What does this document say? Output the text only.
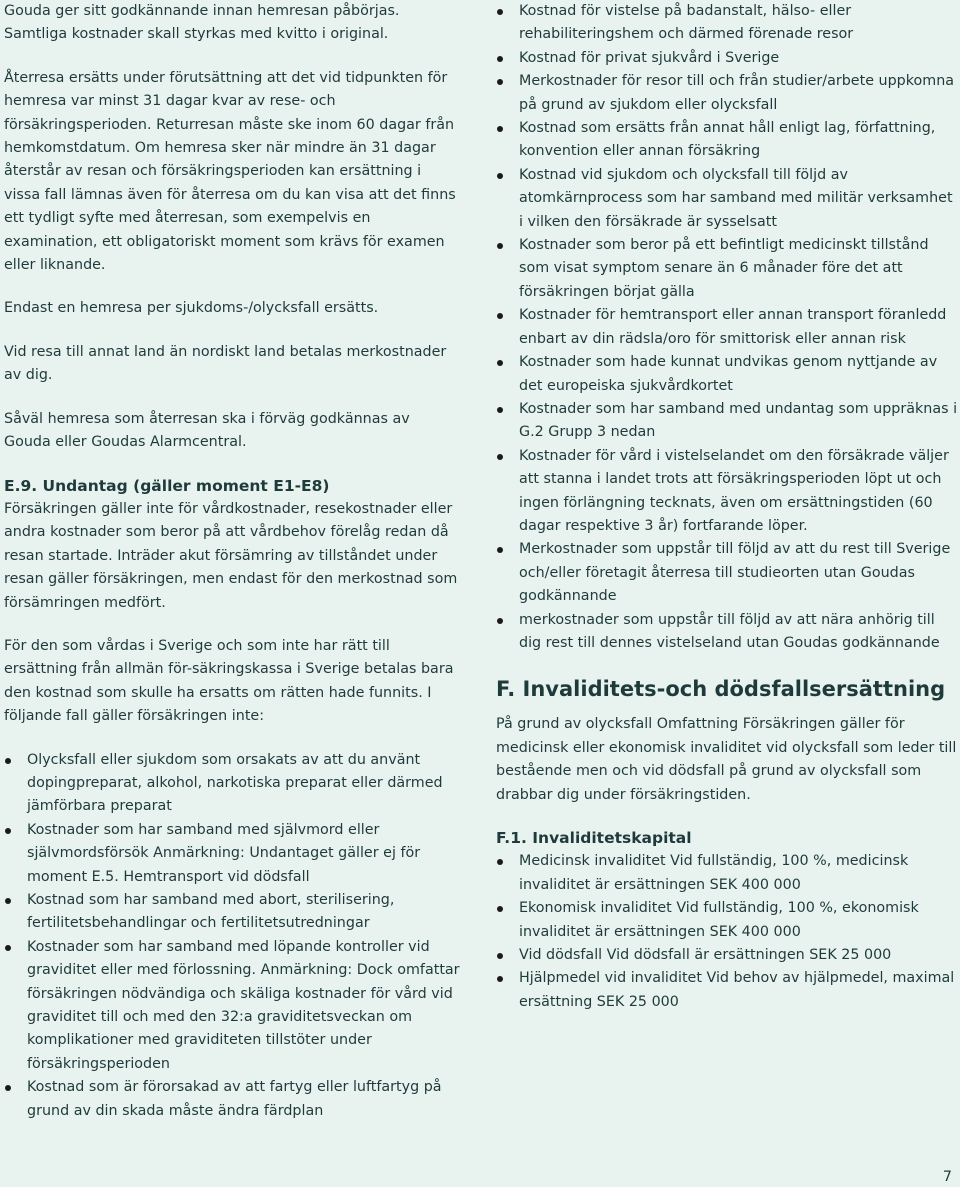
Gouda ger sitt godkännande innan hemresan påbörjas. Samtliga kostnader skall styrkas med kvitto i original.

Återresa ersätts under förutsättning att det vid tidpunkten för hemresa var minst 31 dagar kvar av rese- och försäkringsperioden. Returresan måste ske inom 60 dagar från hemkomstdatum. Om hemresa sker när mindre än 31 dagar återstår av resan och försäkringsperioden kan ersättning i vissa fall lämnas även för återresa om du kan visa att det finns ett tydligt syfte med återresan, som exempelvis en examination, ett obligatoriskt moment som krävs för examen eller liknande.

Endast en hemresa per sjukdoms-/olycksfall ersätts.

Vid resa till annat land än nordiskt land betalas merkostnader av dig.

Såväl hemresa som återresan ska i förväg godkännas av Gouda eller Goudas Alarmcentral.

E.9. Undantag (gäller moment E1-E8)

Försäkringen gäller inte för vårdkostnader, resekostnader eller andra kostnader som beror på att vårdbehov förelåg redan då resan startade. Inträder akut försämring av tillståndet under resan gäller försäkringen, men endast för den merkostnad som försämringen medfört.

För den som vårdas i Sverige och som inte har rätt till ersättning från allmän för-säkringskassa i Sverige betalas bara den kostnad som skulle ha ersatts om rätten hade funnits. I följande fall gäller försäkringen inte:

Olycksfall eller sjukdom som orsakats av att du använt dopingpreparat, alkohol, narkotiska preparat eller därmed jämförbara preparat
Kostnader som har samband med självmord eller självmordsförsök Anmärkning: Undantaget gäller ej för moment E.5. Hemtransport vid dödsfall
Kostnad som har samband med abort, sterilisering, fertilitetsbehandlingar och fertilitetsutredningar
Kostnader som har samband med löpande kontroller vid graviditet eller med förlossning. Anmärkning: Dock omfattar försäkringen nödvändiga och skäliga kostnader för vård vid graviditet till och med den 32:a graviditetsveckan om komplikationer med graviditeten tillstöter under försäkringsperioden
Kostnad som är förorsakad av att fartyg eller luftfartyg på grund av din skada måste ändra färdplan
Kostnad för vistelse på badanstalt, hälso- eller rehabiliteringshem och därmed förenade resor
Kostnad för privat sjukvård i Sverige
Merkostnader för resor till och från studier/arbete uppkomna på grund av sjukdom eller olycksfall
Kostnad som ersätts från annat håll enligt lag, författning, konvention eller annan försäkring
Kostnad vid sjukdom och olycksfall till följd av atomkärnprocess som har samband med militär verksamhet i vilken den försäkrade är sysselsatt
Kostnader som beror på ett befintligt medicinskt tillstånd som visat symptom senare än 6 månader före det att försäkringen börjat gälla
Kostnader för hemtransport eller annan transport föranledd enbart av din rädsla/oro för smittorisk eller annan risk
Kostnader som hade kunnat undvikas genom nyttjande av det europeiska sjukvårdkortet
Kostnader som har samband med undantag som uppräknas i G.2 Grupp 3 nedan
Kostnader för vård i vistelselandet om den försäkrade väljer att stanna i landet trots att försäkringsperioden löpt ut och ingen förlängning tecknats, även om ersättningstiden (60 dagar respektive 3 år) fortfarande löper.
Merkostnader som uppstår till följd av att du rest till Sverige och/eller företagit återresa till studieorten utan Goudas godkännande
merkostnader som uppstår till följd av att nära anhörig till dig rest till dennes vistelseland utan Goudas godkännande
F. Invaliditets-och dödsfallsersättning

På grund av olycksfall Omfattning Försäkringen gäller för medicinsk eller ekonomisk invaliditet vid olycksfall som leder till bestående men och vid dödsfall på grund av olycksfall som drabbar dig under försäkringstiden.

F.1. Invaliditetskapital
Medicinsk invaliditet Vid fullständig, 100 %, medicinsk invaliditet är ersättningen SEK 400 000
Ekonomisk invaliditet Vid fullständig, 100 %, ekonomisk invaliditet är ersättningen SEK 400 000
Vid dödsfall Vid dödsfall är ersättningen SEK 25 000
Hjälpmedel vid invaliditet Vid behov av hjälpmedel, maximal ersättning SEK 25 000
7
